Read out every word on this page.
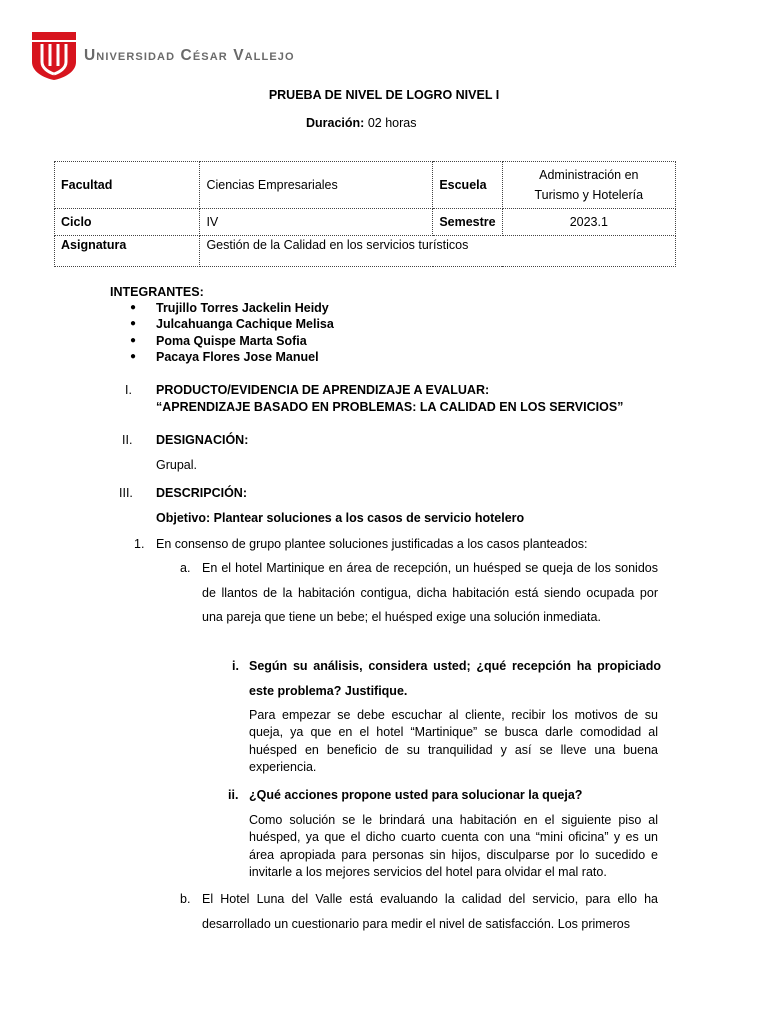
Universidad César Vallejo
PRUEBA DE NIVEL DE LOGRO NIVEL I
Duración: 02 horas
Facultad	Ciencias Empresariales	Escuela	Administración en
Turismo y Hotelería
Ciclo	IV	Semestre	2023.1
Asignatura	Gestión de la Calidad en los servicios turísticos		
INTEGRANTES:
● Trujillo Torres Jackelin Heidy
● Julcahuanga Cachique Melisa
● Poma Quispe Marta Sofia
● Pacaya Flores Jose Manuel
I. PRODUCTO/EVIDENCIA DE APRENDIZAJE A EVALUAR:
“APRENDIZAJE BASADO EN PROBLEMAS: LA CALIDAD EN LOS SERVICIOS”
II. DESIGNACIÓN:
Grupal.
III. DESCRIPCIÓN:
Objetivo: Plantear soluciones a los casos de servicio hotelero
1. En consenso de grupo plantee soluciones justificadas a los casos planteados:
a. En el hotel Martinique en área de recepción, un huésped se queja de los sonidos de llantos de la habitación contigua, dicha habitación está siendo ocupada por una pareja que tiene un bebe; el huésped exige una solución inmediata.
i. Según su análisis, considera usted; ¿qué recepción ha propiciado este problema? Justifique.
Para empezar se debe escuchar al cliente, recibir los motivos de su queja, ya que en el hotel “Martinique” se busca darle comodidad al huésped en beneficio de su tranquilidad y así se lleve una buena experiencia.
ii. ¿Qué acciones propone usted para solucionar la queja?
Como solución se le brindará una habitación en el siguiente piso al huésped, ya que el dicho cuarto cuenta con una “mini oficina” y es un área apropiada para personas sin hijos, disculparse por lo sucedido e invitarle a los mejores servicios del hotel para olvidar el mal rato.
b. El Hotel Luna del Valle está evaluando la calidad del servicio, para ello ha desarrollado un cuestionario para medir el nivel de satisfacción. Los primeros
